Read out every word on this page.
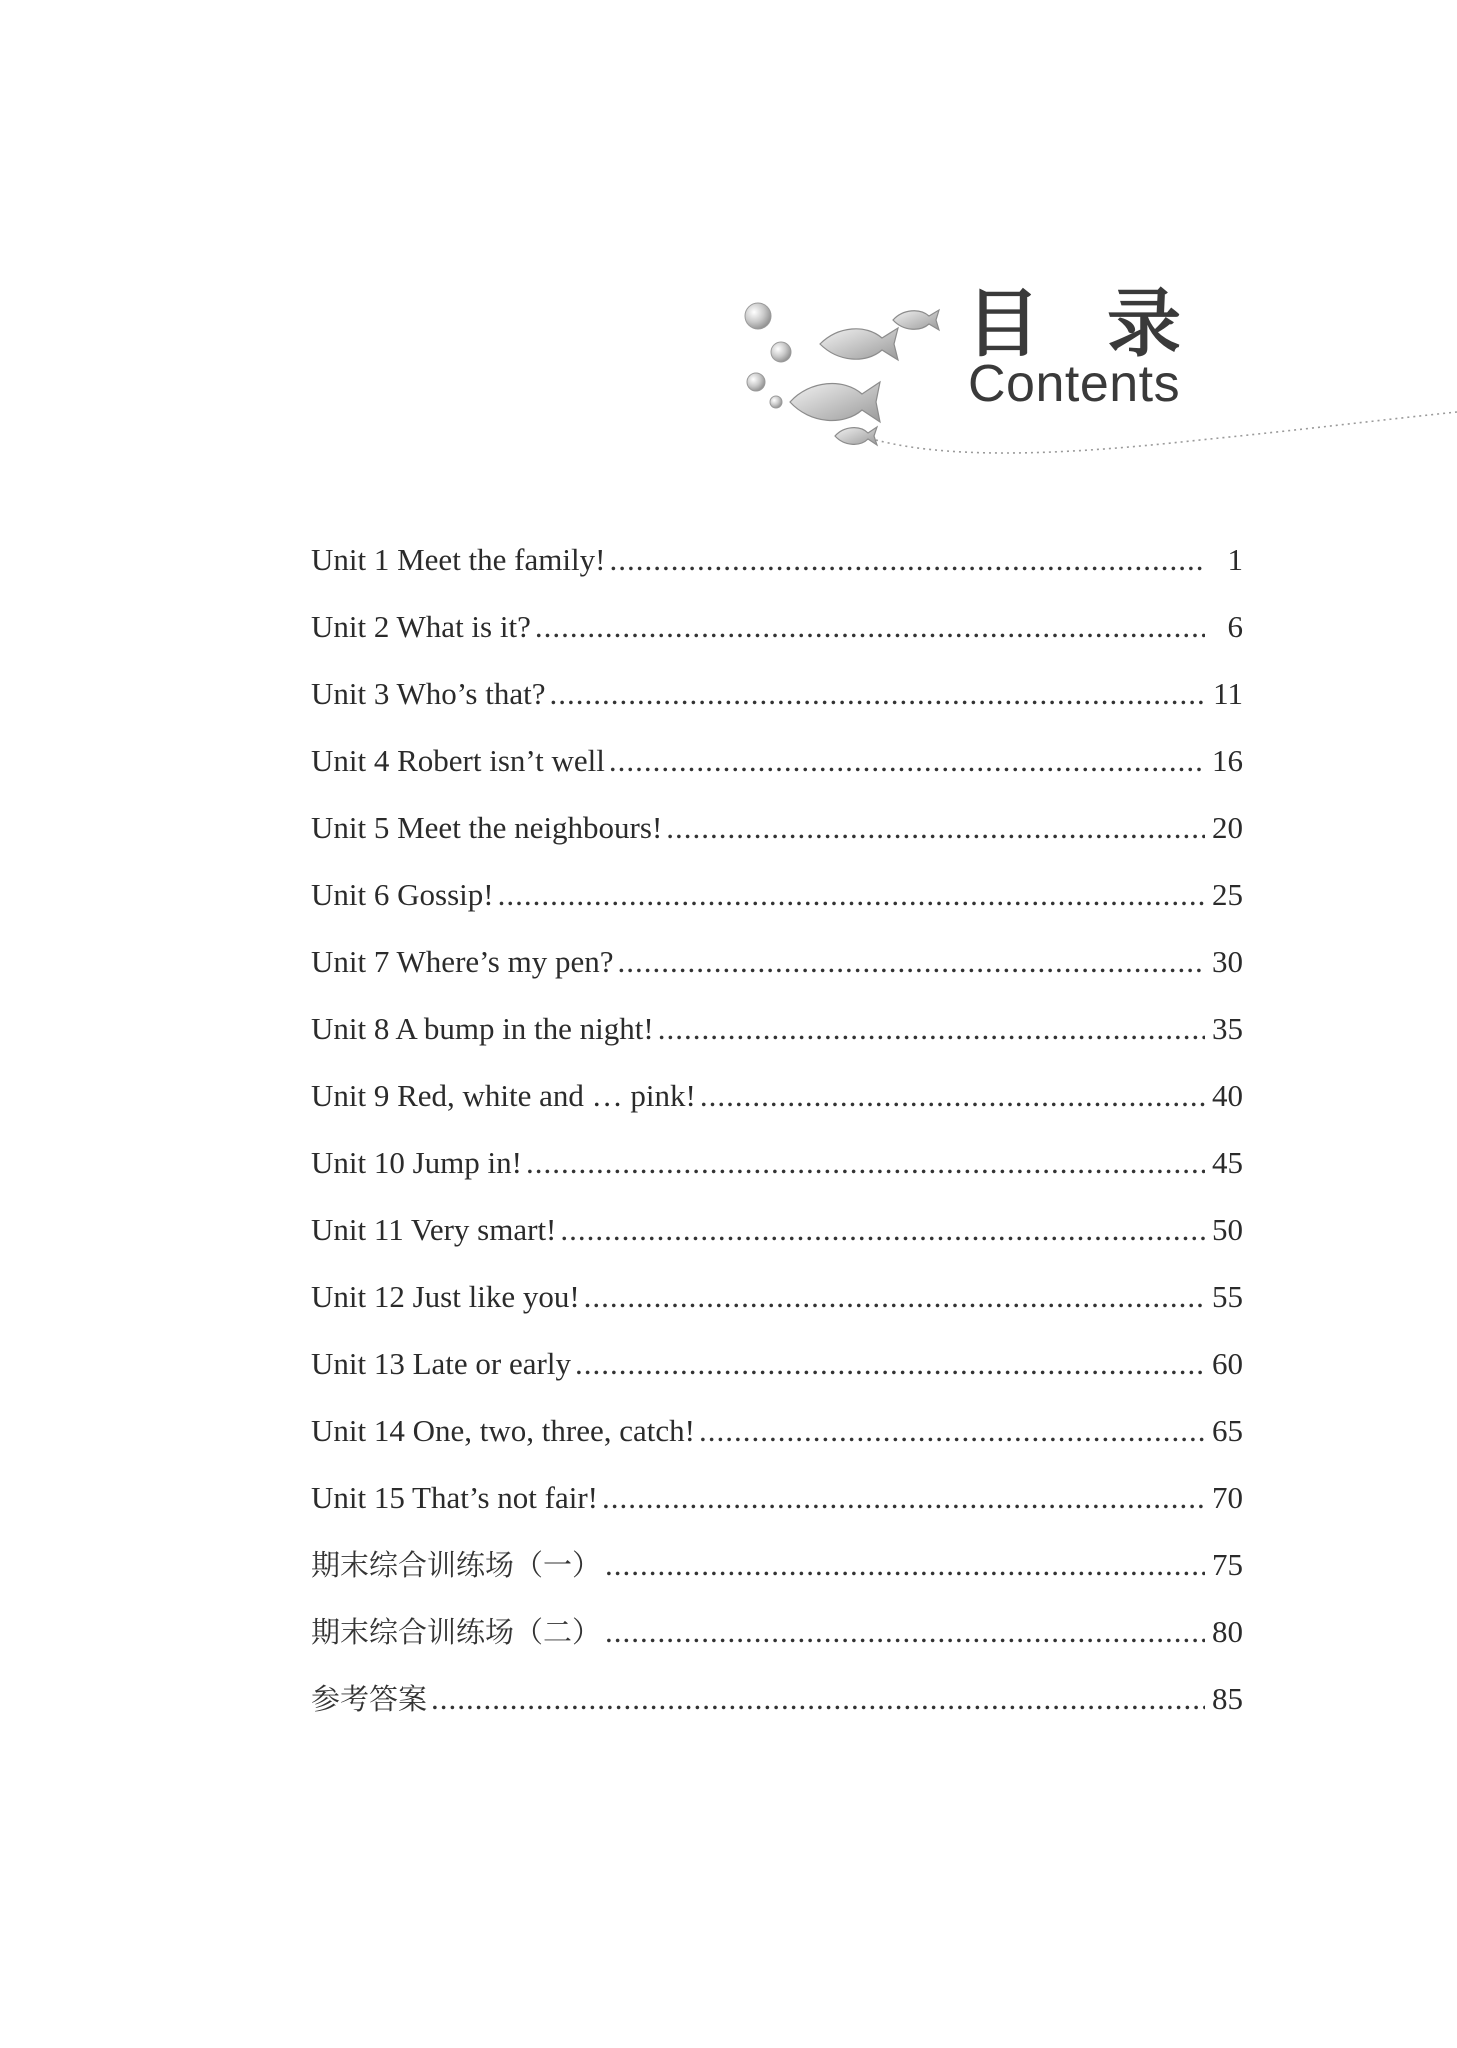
目 录
Contents
Unit 1 Meet the family! .....	1
Unit 2 What is it? .....	6
Unit 3 Who’s that? .....	11
Unit 4 Robert isn’t well .....	16
Unit 5 Meet the neighbours! .....	20
Unit 6 Gossip! .....	25
Unit 7 Where’s my pen? .....	30
Unit 8 A bump in the night! .....	35
Unit 9 Red, white and … pink! .....	40
Unit 10 Jump in! .....	45
Unit 11 Very smart! .....	50
Unit 12 Just like you! .....	55
Unit 13 Late or early .....	60
Unit 14 One, two, three, catch! .....	65
Unit 15 That’s not fair! .....	70
期末综合训练场（一） .....	75
期末综合训练场（二） .....	80
参考答案 .....	85
